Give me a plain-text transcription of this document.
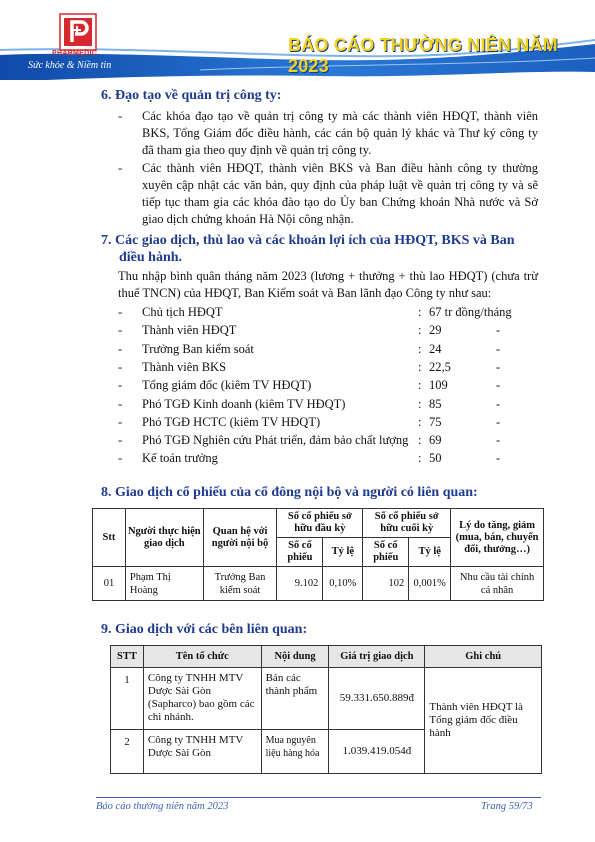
PHARMEDIC
Sức khỏe & Niềm tin
BÁO CÁO THƯỜNG NIÊN NĂM 2023
6. Đạo tạo về quản trị công ty:
- Các khóa đạo tạo về quản trị công ty mà các thành viên HĐQT, thành viên BKS, Tổng Giám đốc điều hành, các cán bộ quản lý khác và Thư ký công ty đã tham gia theo quy định về quản trị công ty.
- Các thành viên HĐQT, thành viên BKS và Ban điều hành công ty thường xuyên cập nhật các văn bản, quy định của pháp luật về quản trị công ty và sẽ tiếp tục tham gia các khóa đào tạo do Ủy ban Chứng khoán Nhà nước và Sở giao dịch chứng khoán Hà Nội công nhận.
7. Các giao dịch, thù lao và các khoản lợi ích của HĐQT, BKS và Ban
điều hành.
Thu nhập bình quân tháng năm 2023 (lương + thưởng + thù lao HĐQT) (chưa trừ thuế TNCN) của HĐQT, Ban Kiểm soát và Ban lãnh đạo Công ty như sau:
- Chủ tịch HĐQT	: 67 tr đồng/tháng
- Thành viên HĐQT	: 29	-
- Trưởng Ban kiểm soát	: 24	-
- Thành viên BKS	: 22,5	-
- Tổng giám đốc (kiêm TV HĐQT)	: 109	-
- Phó TGĐ Kinh doanh (kiêm TV HĐQT)	: 85	-
- Phó TGĐ HCTC (kiêm TV HĐQT)	: 75	-
- Phó TGĐ Nghiên cứu Phát triển, đảm bảo chất lượng : 69	-
- Kế toán trưởng	: 50	-
8. Giao dịch cổ phiếu của cổ đông nội bộ và người có liên quan:
Stt	Người thực hiện giao dịch	Quan hệ với người nội bộ	Số cổ phiếu sở hữu đầu kỳ		Số cổ phiếu sở hữu cuối kỳ		Lý do tăng, giảm (mua, bán, chuyển đổi, thưởng…)
			Số cổ phiếu	Tỷ lệ	Số cổ phiếu	Tỷ lệ	
01	Phạm Thị Hoàng	Trưởng Ban kiểm soát	9.102	0,10%	102	0,001%	Nhu cầu tài chính cá nhân
9. Giao dịch với các bên liên quan:
STT	Tên tổ chức	Nội dung	Giá trị giao dịch	Ghi chú
1	Công ty TNHH MTV Dược Sài Gòn (Sapharco) bao gồm các chi nhánh.	Bán các thành phẩm	59.331.650.889đ	Thành viên HĐQT là Tổng giám đốc điều hành
2	Công ty TNHH MTV Dược Sài Gòn	Mua nguyên liệu hàng hóa	1.039.419.054đ	
Báo cáo thường niên năm 2023	Trang 59/73
